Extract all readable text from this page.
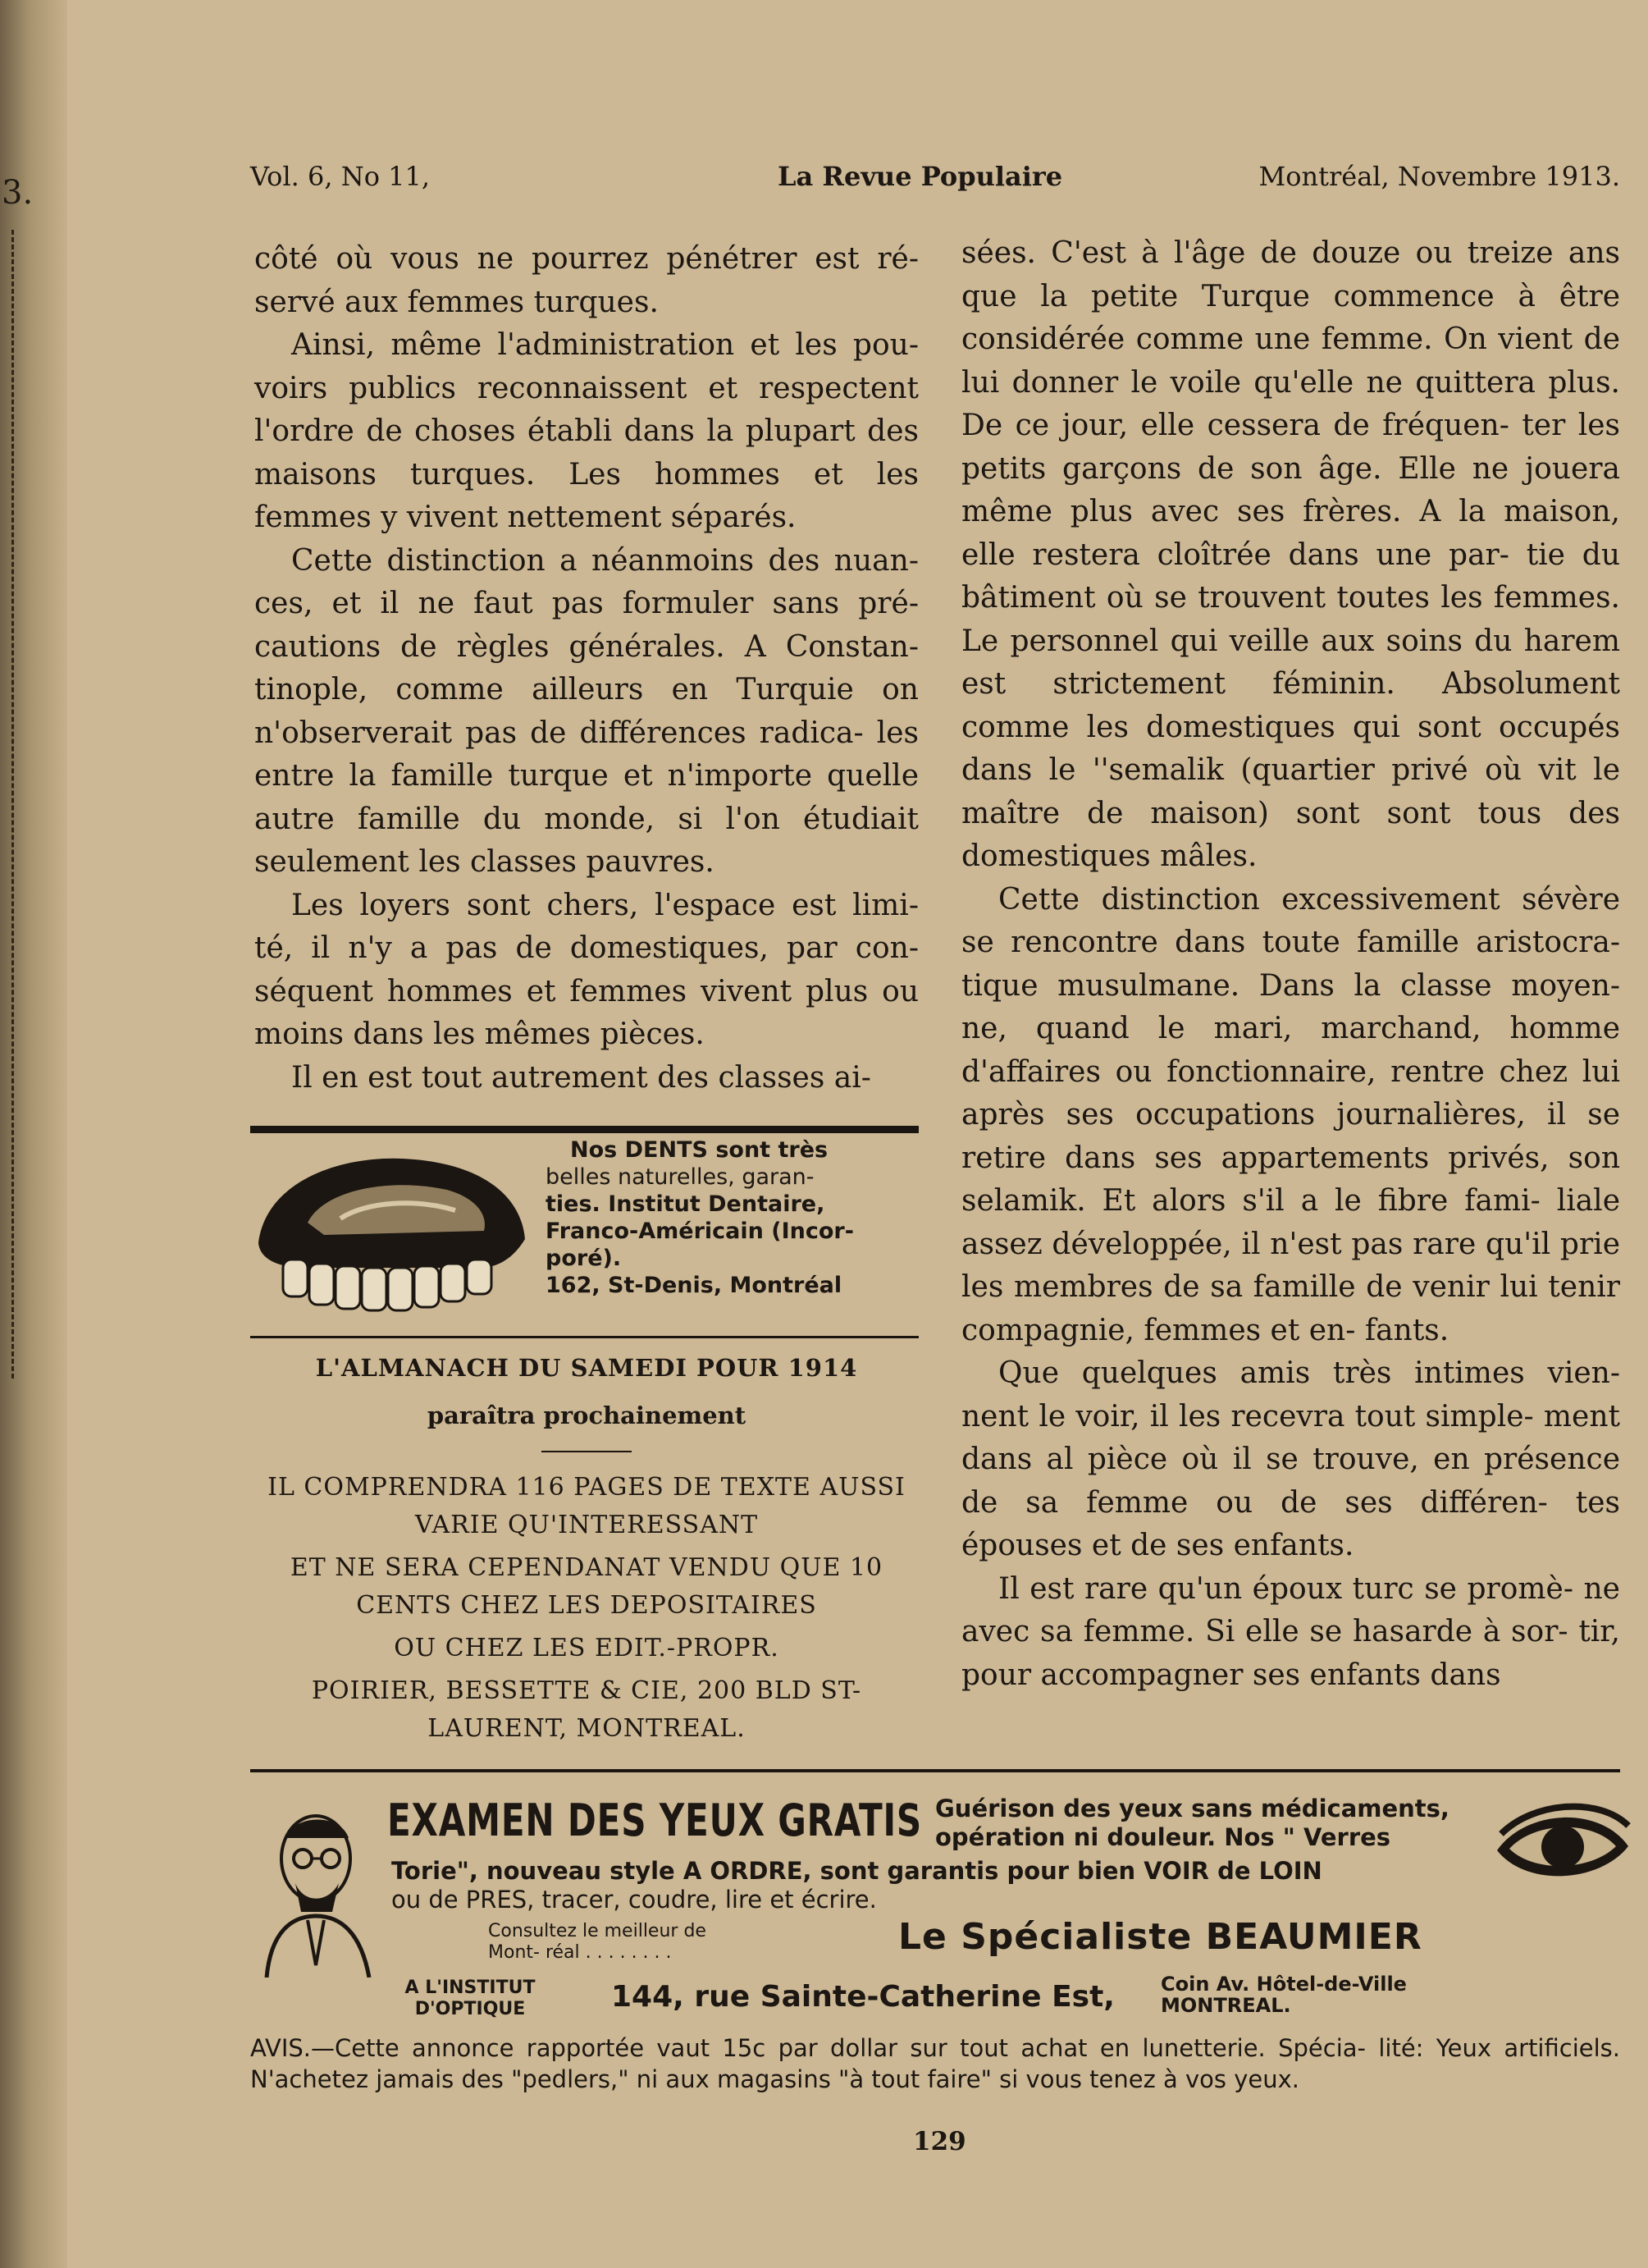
3.	Vol. 6, No 11,	La Revue Populaire	Montréal, Novembre 1913.

côté où vous ne pourrez pénétrer est ré- servé aux femmes turques.

Ainsi, même l'administration et les pou- voirs publics reconnaissent et respectent l'ordre de choses établi dans la plupart des maisons turques. Les hommes et les femmes y vivent nettement séparés.

Cette distinction a néanmoins des nuan- ces, et il ne faut pas formuler sans pré- cautions de règles générales. A Constan- tinople, comme ailleurs en Turquie on n'observerait pas de différences radica- les entre la famille turque et n'importe quelle autre famille du monde, si l'on étudiait seulement les classes pauvres.

Les loyers sont chers, l'espace est limi- té, il n'y a pas de domestiques, par con- séquent hommes et femmes vivent plus ou moins dans les mêmes pièces.

Il en est tout autrement des classes ai-

sées. C'est à l'âge de douze ou treize ans que la petite Turque commence à être considérée comme une femme. On vient de lui donner le voile qu'elle ne quittera plus. De ce jour, elle cessera de fréquen- ter les petits garçons de son âge. Elle ne jouera même plus avec ses frères. A la maison, elle restera cloîtrée dans une par- tie du bâtiment où se trouvent toutes les femmes. Le personnel qui veille aux soins du harem est strictement féminin. Absolument comme les domestiques qui sont occupés dans le ''semalik (quartier privé où vit le maître de maison) sont sont tous des domestiques mâles.

Cette distinction excessivement sévère se rencontre dans toute famille aristocra- tique musulmane. Dans la classe moyen- ne, quand le mari, marchand, homme d'affaires ou fonctionnaire, rentre chez lui après ses occupations journalières, il se retire dans ses appartements privés, son selamik. Et alors s'il a le fibre fami- liale assez développée, il n'est pas rare qu'il prie les membres de sa famille de venir lui tenir compagnie, femmes et en- fants.

Que quelques amis très intimes vien- nent le voir, il les recevra tout simple- ment dans al pièce où il se trouve, en présence de sa femme ou de ses différen- tes épouses et de ses enfants.

Il est rare qu'un époux turc se promè- ne avec sa femme. Si elle se hasarde à sor- tir, pour accompagner ses enfants dans

Nos DENTS sont très
belles naturelles, garan-
ties. Institut Dentaire,
Franco-Américain (Incor-
poré).
162, St-Denis, Montréal
L'ALMANACH DU SAMEDI POUR 1914
paraîtra prochainement

IL COMPRENDRA 116 PAGES DE TEXTE AUSSI VARIE QU'INTERESSANT

ET NE SERA CEPENDANAT VENDU QUE 10 CENTS CHEZ LES DEPOSITAIRES

OU CHEZ LES EDIT.-PROPR.

POIRIER, BESSETTE & CIE, 200 BLD ST-LAURENT, MONTREAL.

EXAMEN DES YEUX GRATIS Guérison des yeux sans médicaments, opération ni douleur. Nos " Verres
Torie", nouveau style A ORDRE, sont garantis pour bien VOIR de LOIN
ou de PRES, tracer, coudre, lire et écrire.
Consultez le meilleur de Mont- réal . . . . . . . .	Le Spécialiste BEAUMIER
A L'INSTITUT D'OPTIQUE	144, rue Sainte-Catherine Est, Coin Av. Hôtel-de-Ville MONTREAL.
AVIS.—Cette annonce rapportée vaut 15c par dollar sur tout achat en lunetterie. Spécia- lité: Yeux artificiels. N'achetez jamais des "pedlers," ni aux magasins "à tout faire" si vous tenez à vos yeux.
129
